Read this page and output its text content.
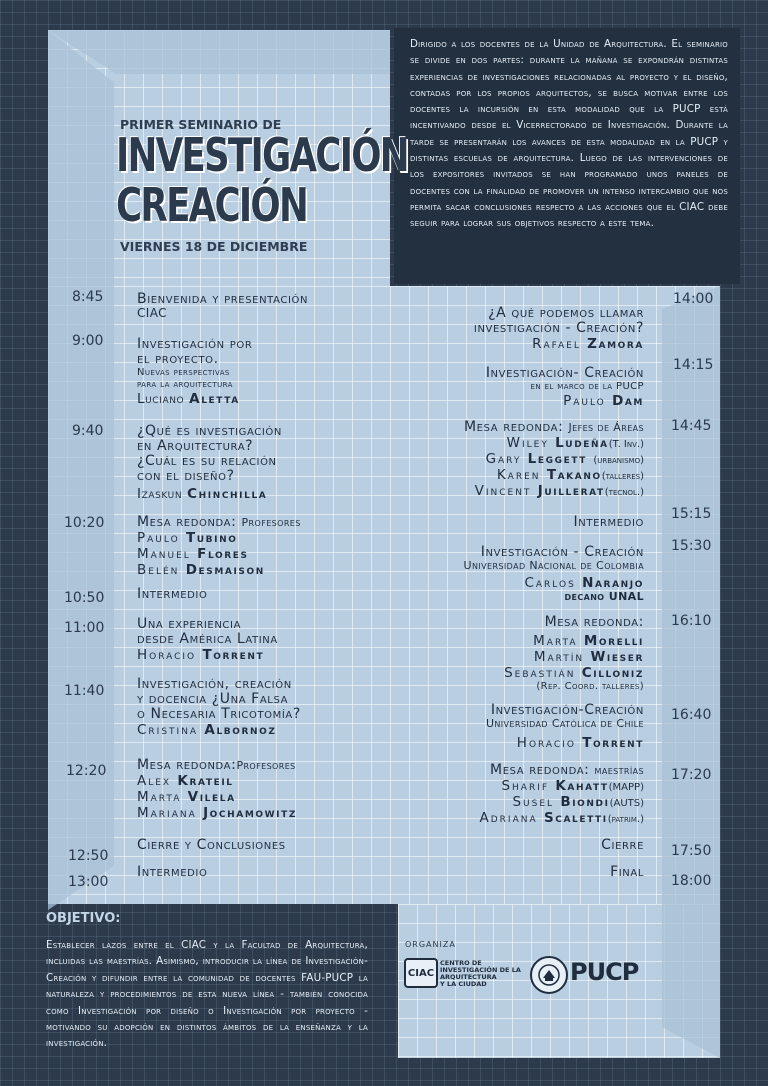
Dirigido a los docentes de la Unidad de Arquitectura. El seminario se divide en dos partes: durante la mañana se expondrán distintas experiencias de investigaciones relacionadas al proyecto y el diseño, contadas por los propios arquitectos, se busca motivar entre los docentes la incursión en esta modalidad que la PUCP está incentivando desde el Vicerrectorado de Investigación. Durante la tarde se presentarán los avances de esta modalidad en la PUCP y distintas escuelas de arquitectura. Luego de las intervenciones de los expositores invitados se han programado unos paneles de docentes con la finalidad de promover un intenso intercambio que nos permita sacar conclusiones respecto a las acciones que el CIAC debe seguir para lograr sus objetivos respecto a este tema.
PRIMER SEMINARIO DE
INVESTIGACIÓN
CREACIÓN
VIERNES 18 DE DICIEMBRE
8:45
9:00
9:40
10:20
10:50
11:00
11:40
12:20
12:50
13:00
Bienvenida y presentación
CIAC
Investigación por
el proyecto.
Nuevas perspectivas
para la arquitectura
Luciano Aletta
¿Qué es investigación
en Arquitectura?
¿Cuál es su relación
con el diseño?
Izaskun Chinchilla
Mesa redonda: Profesores
Paulo Tubino
Manuel Flores
Belén Desmaison
Intermedio
Una experiencia
desde América Latina
Horacio Torrent
Investigación, creación
y docencia ¿Una Falsa
o Necesaria Tricotomía?
Cristina Albornoz
Mesa redonda:Profesores
Alex Krateil
Marta Vilela
Mariana Jochamowitz
Cierre y Conclusiones
Intermedio
14:00
14:15
14:45
15:15
15:30
16:10
16:40
17:20
17:50
18:00
¿A qué podemos llamar
investigación - Creación?
Rafael Zamora
Investigación- Creación
en el marco de la PUCP
Paulo Dam
Mesa redonda: Jefes de Áreas
Wiley Ludeña(T. Inv.)
Gary Leggett (urbanismo)
Karen Takano(talleres)
Vincent Juillerat(tecnol.)
Intermedio
Investigación - Creación
Universidad Nacional de Colombia
Carlos Naranjo
decano UNAL
Mesa redonda:
Marta Morelli
Martín Wieser
Sebastián Cilloniz
(Rep. Coord. talleres)
Investigación-Creación
Universidad Católica de Chile
Horacio Torrent
Mesa redonda: maestrías
Sharif Kahatt(MAPP)
Susel Biondi(AUTS)
Adriana Scaletti(patrim.)
Cierre
Final
OBJETIVO:
Establecer lazos entre el CIAC y la Facultad de Arquitectura, incluidas las maestrías. Asimismo, introducir la línea de Investigación-Creación y difundir entre la comunidad de docentes FAU-PUCP la naturaleza y procedimientos de esta nueva línea - también conocida como Investigación por diseño o Investigación por proyecto - motivando su adopción en distintos ámbitos de la enseñanza y la investigación.
ORGANIZA
CIAC
CENTRO DE
INVESTIGACIÓN DE LA
ARQUITECTURA
Y LA CIUDAD	PUCP
